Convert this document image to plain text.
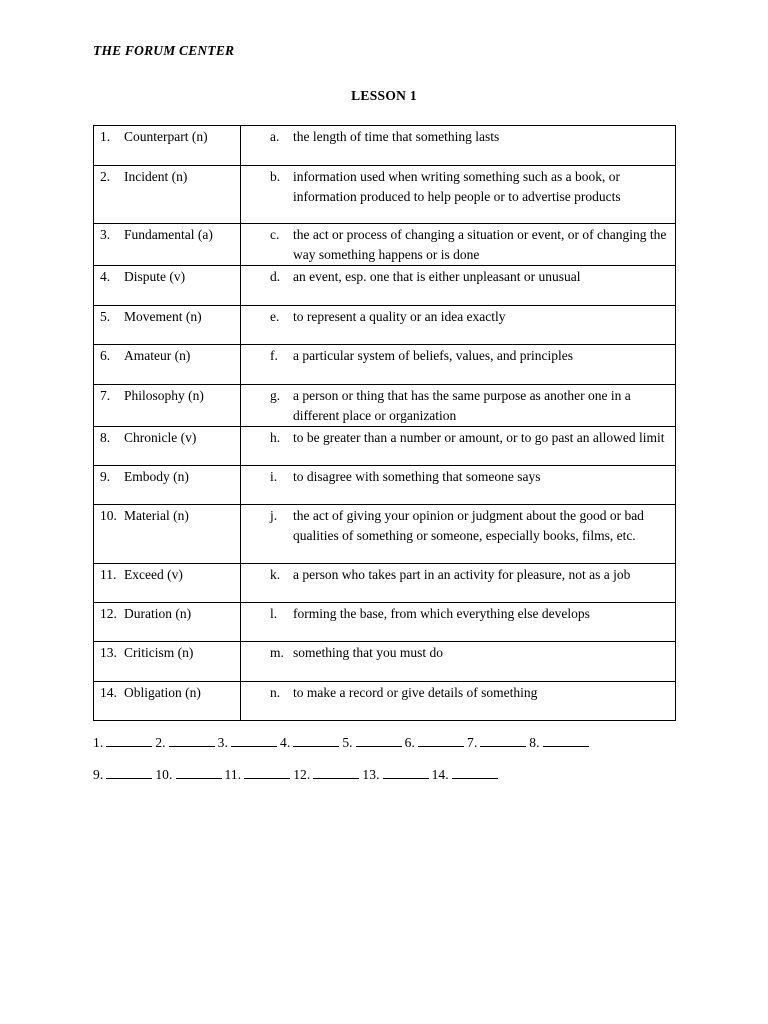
THE FORUM CENTER
LESSON 1
1. Counterpart (n)	a. the length of time that something lasts

2. Incident (n)	b. information used when writing something such as a book, or information produced to help people or to advertise products

3. Fundamental (a)	c. the act or process of changing a situation or event, or of changing the way something happens or is done

4. Dispute (v)	d. an event, esp. one that is either unpleasant or unusual

5. Movement (n)	e. to represent a quality or an idea exactly

6. Amateur (n)	f. a particular system of beliefs, values, and principles

7. Philosophy (n)	g. a person or thing that has the same purpose as another one in a different place or organization

8. Chronicle (v)	h. to be greater than a number or amount, or to go past an allowed limit

9. Embody (n)	i. to disagree with something that someone says

10. Material (n)	j. the act of giving your opinion or judgment about the good or bad qualities of something or someone, especially books, films, etc.

11. Exceed (v)	k. a person who takes part in an activity for pleasure, not as a job

12. Duration (n)	l. forming the base, from which everything else develops

13. Criticism (n)	m. something that you must do

14. Obligation (n)	n. to make a record or give details of something
1.	2.	3.	4.	5.	6.	7.	8.
9.	10.	11.	12.	13.	14.
